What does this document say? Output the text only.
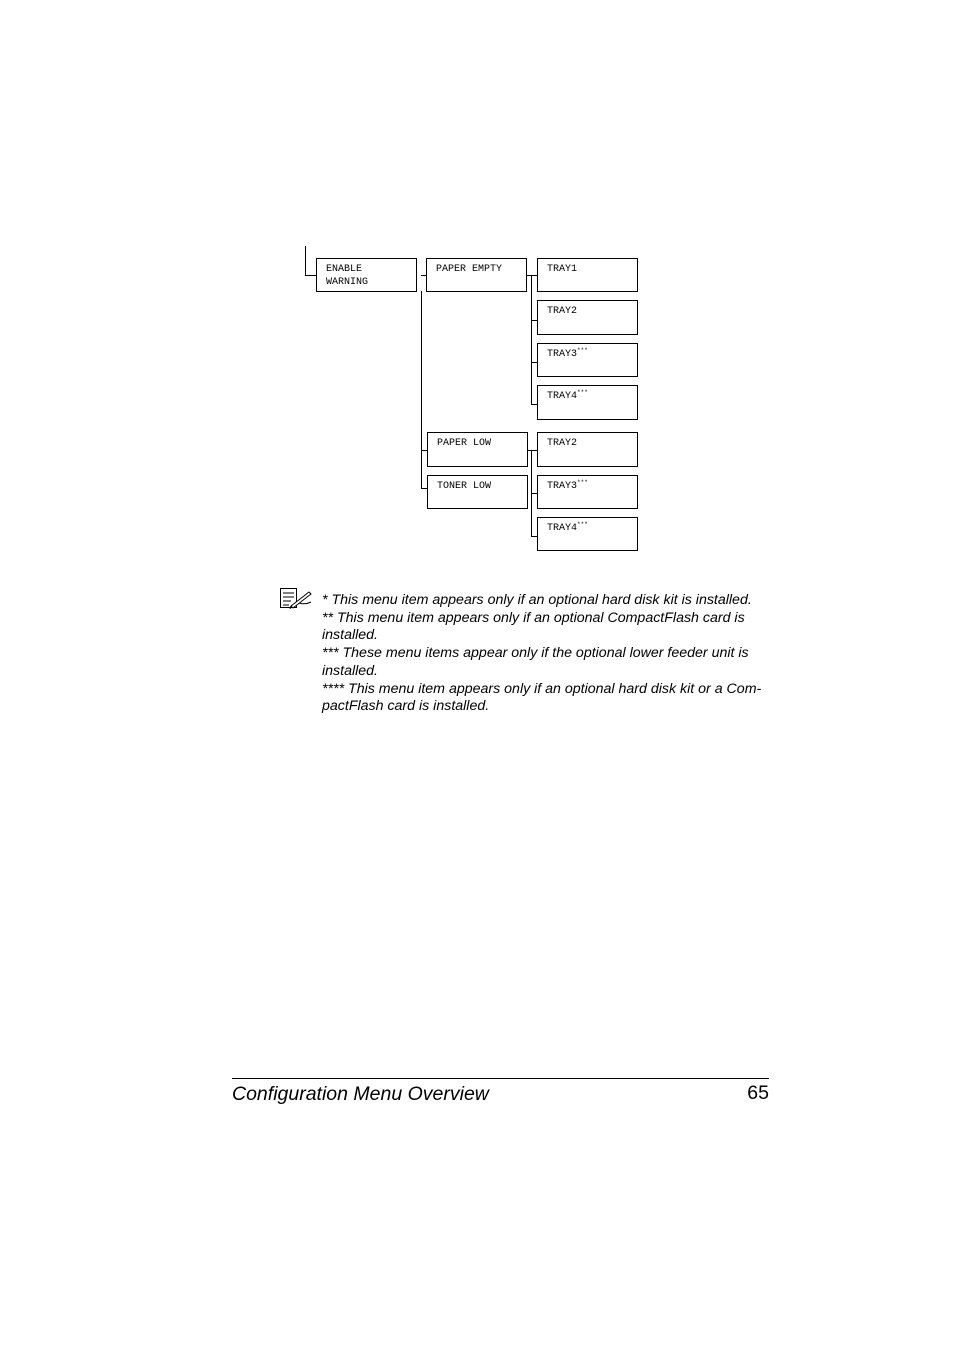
ENABLE
WARNING
PAPER EMPTY	TRAY1
TRAY2
TRAY3***
TRAY4***
PAPER LOW
TONER LOW
TRAY2
TRAY3***
TRAY4***

* This menu item appears only if an optional hard disk kit is installed.

** This menu item appears only if an optional CompactFlash card is installed.

*** These menu items appear only if the optional lower feeder unit is installed.

**** This menu item appears only if an optional hard disk kit or a Com-pactFlash card is installed.

Configuration Menu Overview	65
